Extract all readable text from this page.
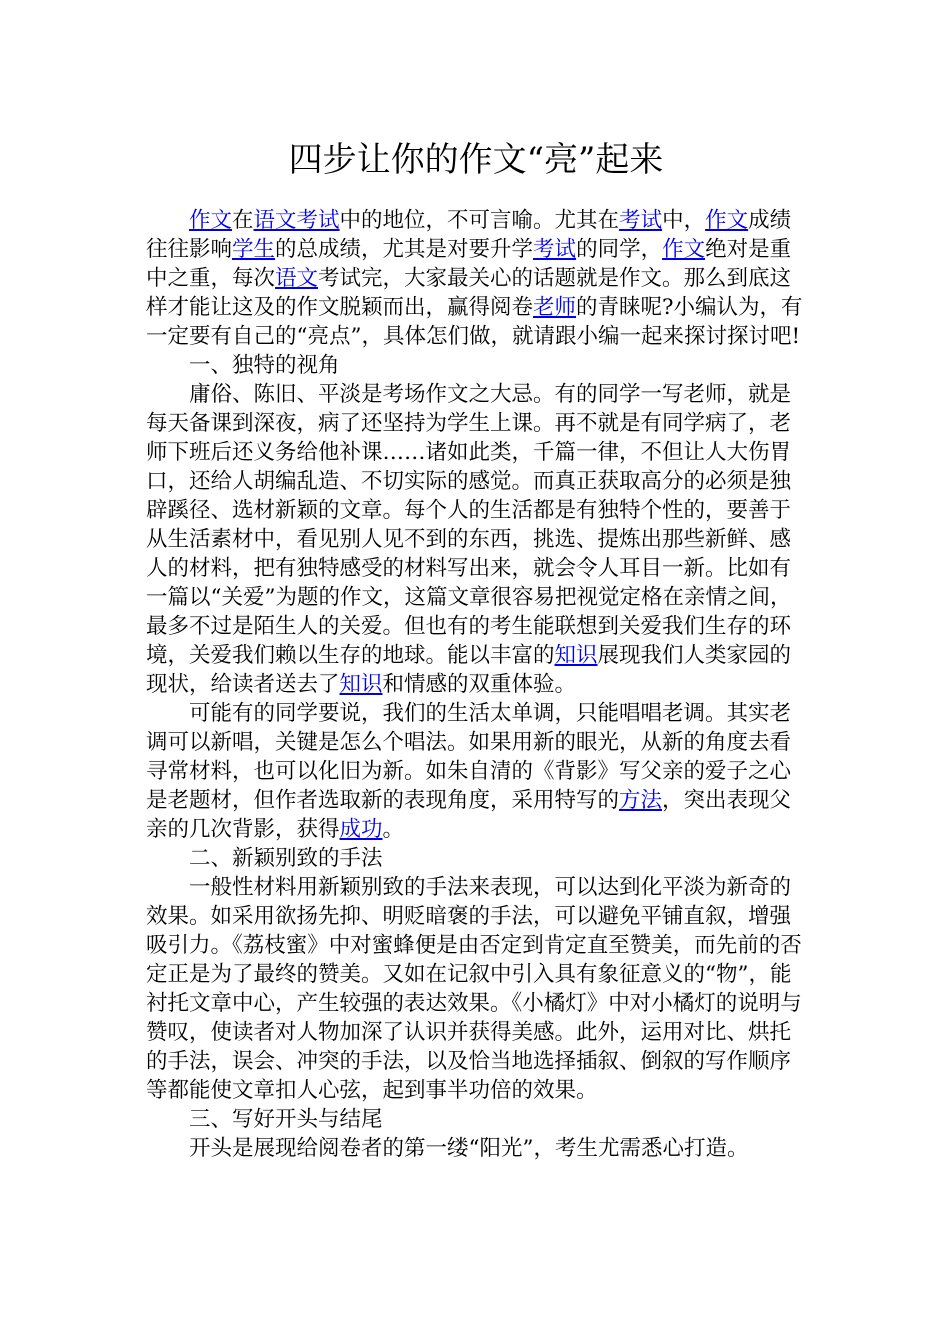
四步让你的作文“亮”起来

作文在语文考试中的地位，不可言喻。尤其在考试中，作文成绩往往影响学生的总成绩，尤其是对要升学考试的同学，作文绝对是重中之重，每次语文考试完，大家最关心的话题就是作文。那么到底这样才能让这及的作文脱颖而出，赢得阅卷老师的青睐呢?小编认为，有一定要有自己的“亮点”，具体怎们做，就请跟小编一起来探讨探讨吧!

一、独特的视角

庸俗、陈旧、平淡是考场作文之大忌。有的同学一写老师，就是每天备课到深夜，病了还坚持为学生上课。再不就是有同学病了，老师下班后还义务给他补课……诸如此类，千篇一律，不但让人大伤胃口，还给人胡编乱造、不切实际的感觉。而真正获取高分的必须是独辟蹊径、选材新颖的文章。每个人的生活都是有独特个性的，要善于从生活素材中，看见别人见不到的东西，挑选、提炼出那些新鲜、感人的材料，把有独特感受的材料写出来，就会令人耳目一新。比如有一篇以“关爱”为题的作文，这篇文章很容易把视觉定格在亲情之间，最多不过是陌生人的关爱。但也有的考生能联想到关爱我们生存的环境，关爱我们赖以生存的地球。能以丰富的知识展现我们人类家园的现状，给读者送去了知识和情感的双重体验。

可能有的同学要说，我们的生活太单调，只能唱唱老调。其实老调可以新唱，关键是怎么个唱法。如果用新的眼光，从新的角度去看寻常材料，也可以化旧为新。如朱自清的《背影》写父亲的爱子之心是老题材，但作者选取新的表现角度，采用特写的方法，突出表现父亲的几次背影，获得成功。

二、新颖别致的手法

一般性材料用新颖别致的手法来表现，可以达到化平淡为新奇的效果。如采用欲扬先抑、明贬暗褒的手法，可以避免平铺直叙，增强吸引力。《荔枝蜜》中对蜜蜂便是由否定到肯定直至赞美，而先前的否定正是为了最终的赞美。又如在记叙中引入具有象征意义的“物”，能衬托文章中心，产生较强的表达效果。《小橘灯》中对小橘灯的说明与赞叹，使读者对人物加深了认识并获得美感。此外，运用对比、烘托的手法，误会、冲突的手法，以及恰当地选择插叙、倒叙的写作顺序等都能使文章扣人心弦，起到事半功倍的效果。

三、写好开头与结尾

开头是展现给阅卷者的第一缕“阳光”，考生尤需悉心打造。
